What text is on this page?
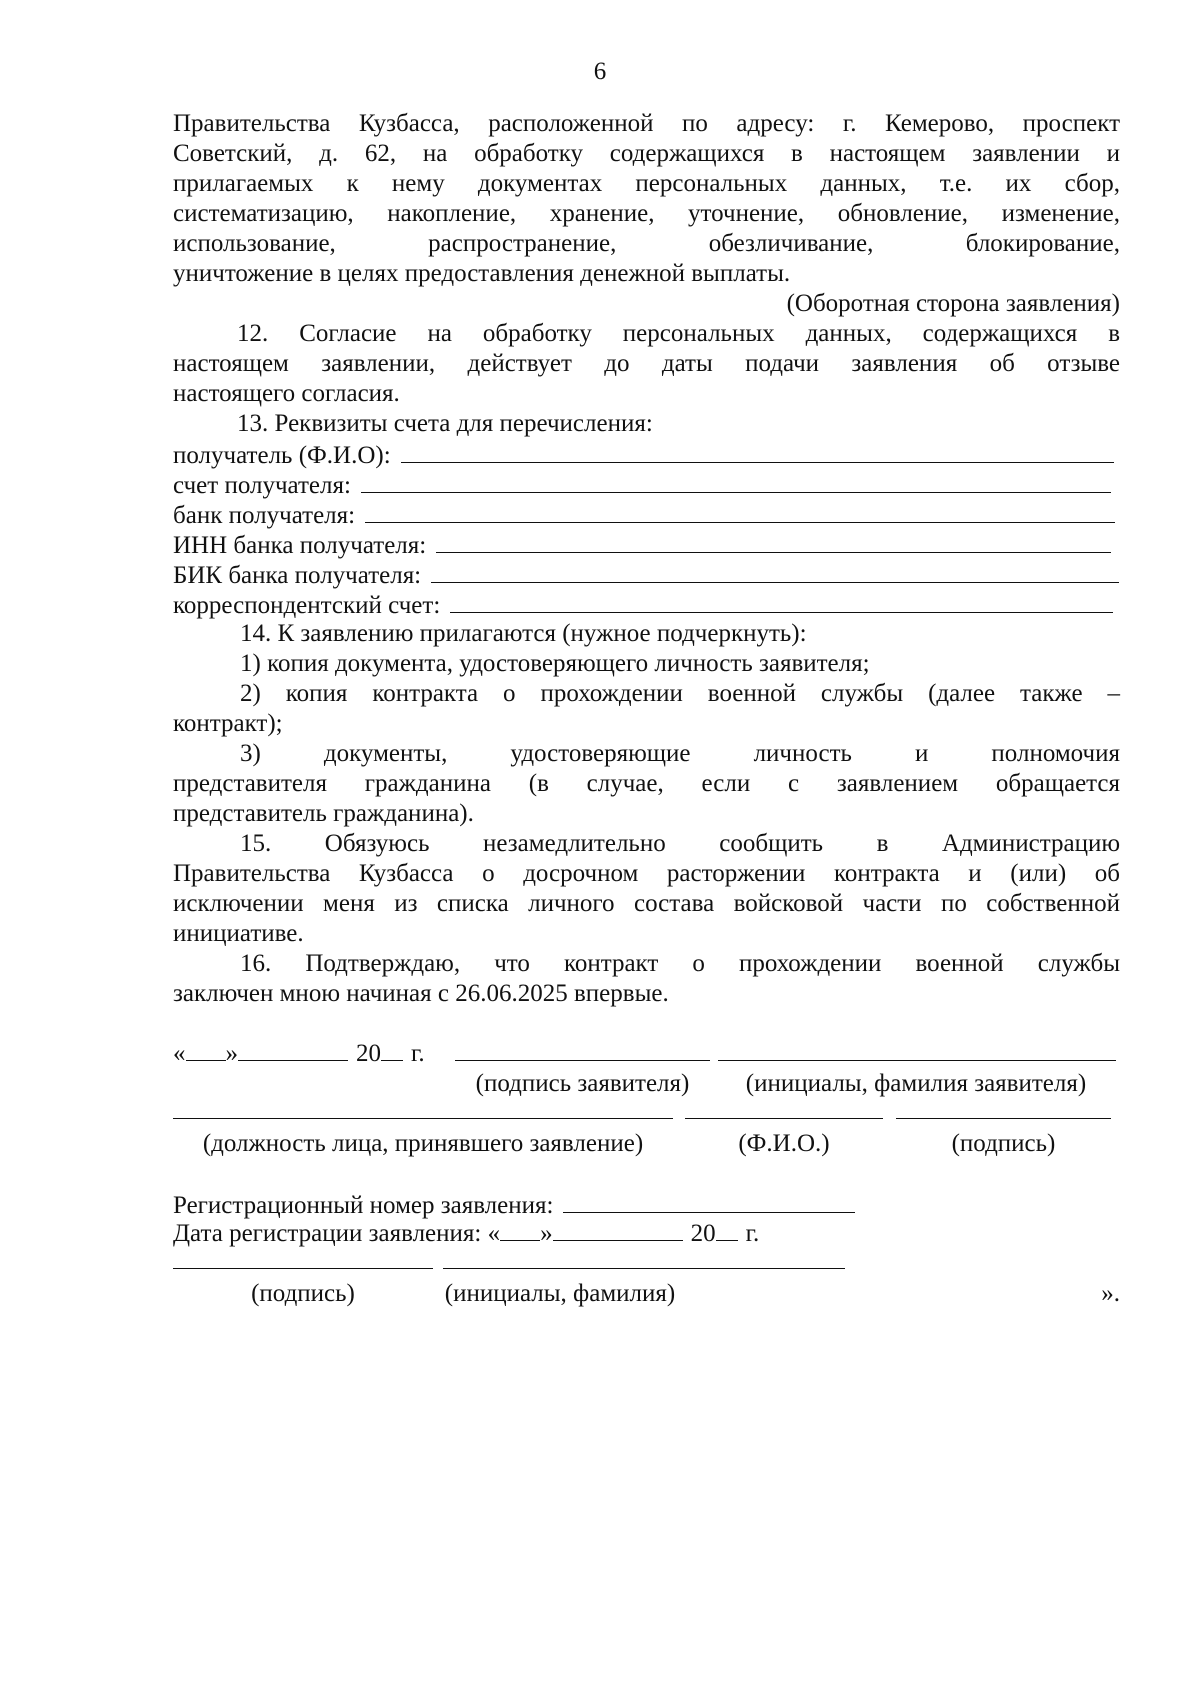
6
Правительства Кузбасса, расположенной по адресу: г. Кемерово, проспект
Советский, д. 62, на обработку содержащихся в настоящем заявлении и
прилагаемых к нему документах персональных данных, т.е. их сбор,
систематизацию, накопление, хранение, уточнение, обновление, изменение,
использование, распространение, обезличивание, блокирование,
уничтожение в целях предоставления денежной выплаты.
(Оборотная сторона заявления)
12. Согласие на обработку персональных данных, содержащихся в
настоящем заявлении, действует до даты подачи заявления об отзыве
настоящего согласия.
13. Реквизиты счета для перечисления:
получатель (Ф.И.О):
счет получателя:
банк получателя:
ИНН банка получателя:
БИК банка получателя:
корреспондентский счет:
14. К заявлению прилагаются (нужное подчеркнуть):
1) копия документа, удостоверяющего личность заявителя;
2) копия контракта о прохождении военной службы (далее также –
контракт);
3) документы, удостоверяющие личность и полномочия
представителя гражданина (в случае, если с заявлением обращается
представитель гражданина).
15. Обязуюсь незамедлительно сообщить в Администрацию
Правительства Кузбасса о досрочном расторжении контракта и (или) об
исключении меня из списка личного состава войсковой части по собственной
инициативе.
16. Подтверждаю, что контракт о прохождении военной службы
заключен мною начиная с 26.06.2025 впервые.
« »	20 г.
(подпись заявителя)	(инициалы, фамилия заявителя)
(должность лица, принявшего заявление)	(Ф.И.О.)	(подпись)
Регистрационный номер заявления:
Дата регистрации заявления: « »	20 г.
(подпись)	(инициалы, фамилия)	».
